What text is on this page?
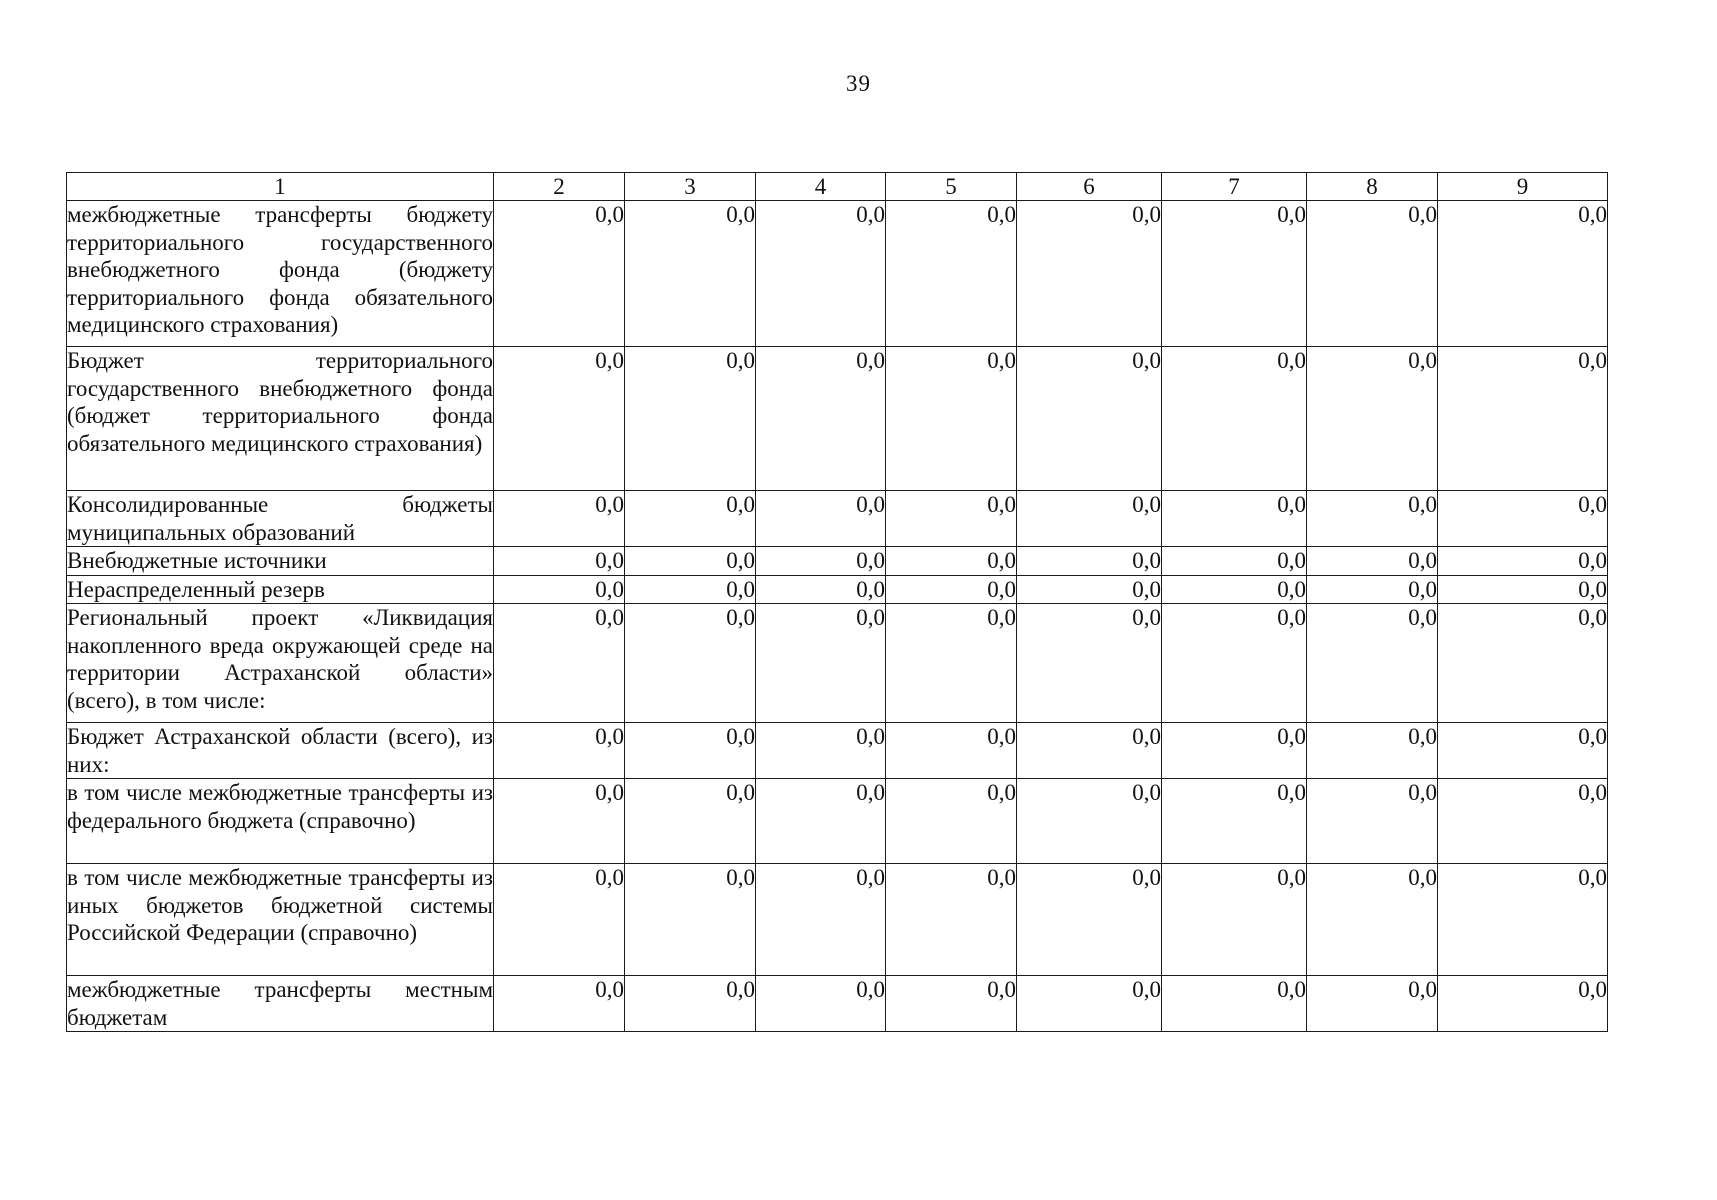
39
1	2	3	4	5	6	7	8	9
межбюджетные трансферты бюджету территориального государственного внебюджетного фонда (бюджету территориального фонда обязательного медицинского страхования)	0,0	0,0	0,0	0,0	0,0	0,0	0,0	0,0
Бюджет территориального государственного внебюджетного фонда (бюджет территориального фонда обязательного медицинского страхования)	0,0	0,0	0,0	0,0	0,0	0,0	0,0	0,0
Консолидированные бюджеты муниципальных образований	0,0	0,0	0,0	0,0	0,0	0,0	0,0	0,0
Внебюджетные источники	0,0	0,0	0,0	0,0	0,0	0,0	0,0	0,0
Нераспределенный резерв	0,0	0,0	0,0	0,0	0,0	0,0	0,0	0,0
Региональный проект «Ликвидация накопленного вреда окружающей среде на территории Астраханской области» (всего), в том числе:	0,0	0,0	0,0	0,0	0,0	0,0	0,0	0,0
Бюджет Астраханской области (всего), из них:	0,0	0,0	0,0	0,0	0,0	0,0	0,0	0,0
в том числе межбюджетные трансферты из федерального бюджета (справочно)	0,0	0,0	0,0	0,0	0,0	0,0	0,0	0,0
в том числе межбюджетные трансферты из иных бюджетов бюджетной системы Российской Федерации (справочно)	0,0	0,0	0,0	0,0	0,0	0,0	0,0	0,0
межбюджетные трансферты местным бюджетам	0,0	0,0	0,0	0,0	0,0	0,0	0,0	0,0
